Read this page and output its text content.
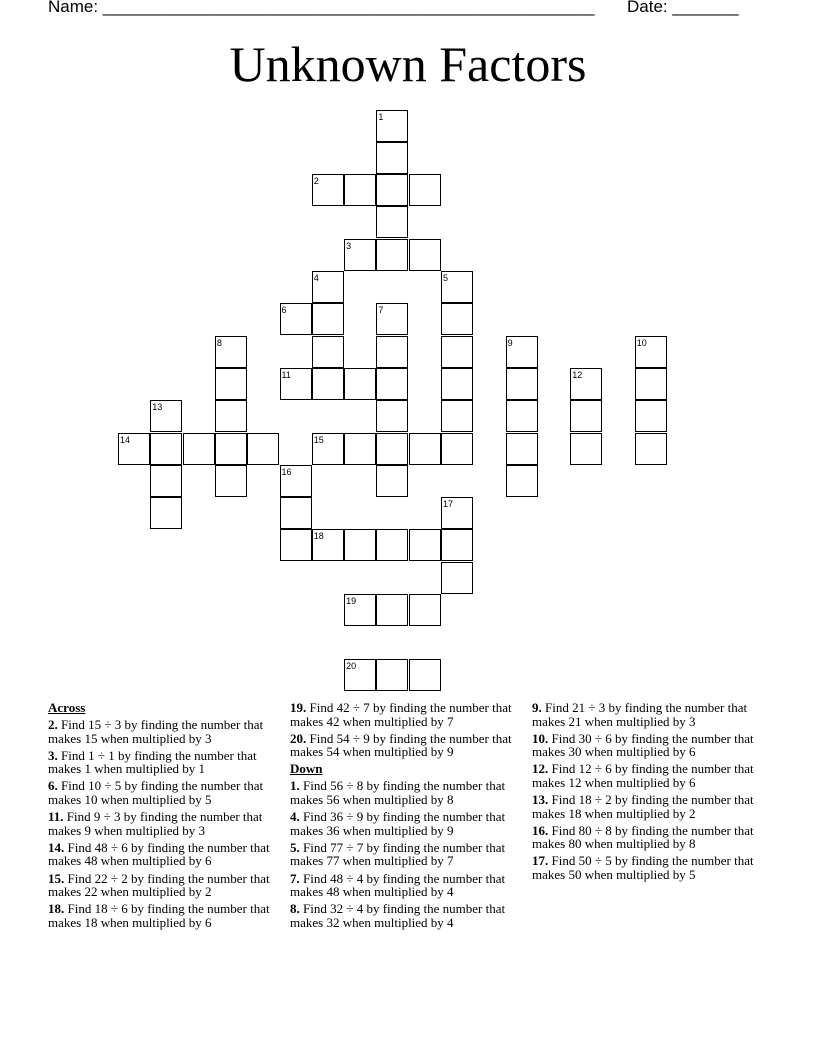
Name: ____________________________________________________

Date: _______

Unknown Factors
1
2
3
4	5
6	7
8	9	10
11	12
13
14	15
16
17
18
19
20
Across
2. Find 15 ÷ 3 by finding the number that makes 15 when multiplied by 3
3. Find 1 ÷ 1 by finding the number that makes 1 when multiplied by 1
6. Find 10 ÷ 5 by finding the number that makes 10 when multiplied by 5
11. Find 9 ÷ 3 by finding the number that makes 9 when multiplied by 3
14. Find 48 ÷ 6 by finding the number that makes 48 when multiplied by 6
15. Find 22 ÷ 2 by finding the number that makes 22 when multiplied by 2
18. Find 18 ÷ 6 by finding the number that makes 18 when multiplied by 6
19. Find 42 ÷ 7 by finding the number that makes 42 when multiplied by 7
20. Find 54 ÷ 9 by finding the number that makes 54 when multiplied by 9
Down
1. Find 56 ÷ 8 by finding the number that makes 56 when multiplied by 8
4. Find 36 ÷ 9 by finding the number that makes 36 when multiplied by 9
5. Find 77 ÷ 7 by finding the number that makes 77 when multiplied by 7
7. Find 48 ÷ 4 by finding the number that makes 48 when multiplied by 4
8. Find 32 ÷ 4 by finding the number that makes 32 when multiplied by 4
9. Find 21 ÷ 3 by finding the number that makes 21 when multiplied by 3
10. Find 30 ÷ 6 by finding the number that makes 30 when multiplied by 6
12. Find 12 ÷ 6 by finding the number that makes 12 when multiplied by 6
13. Find 18 ÷ 2 by finding the number that makes 18 when multiplied by 2
16. Find 80 ÷ 8 by finding the number that makes 80 when multiplied by 8
17. Find 50 ÷ 5 by finding the number that makes 50 when multiplied by 5
